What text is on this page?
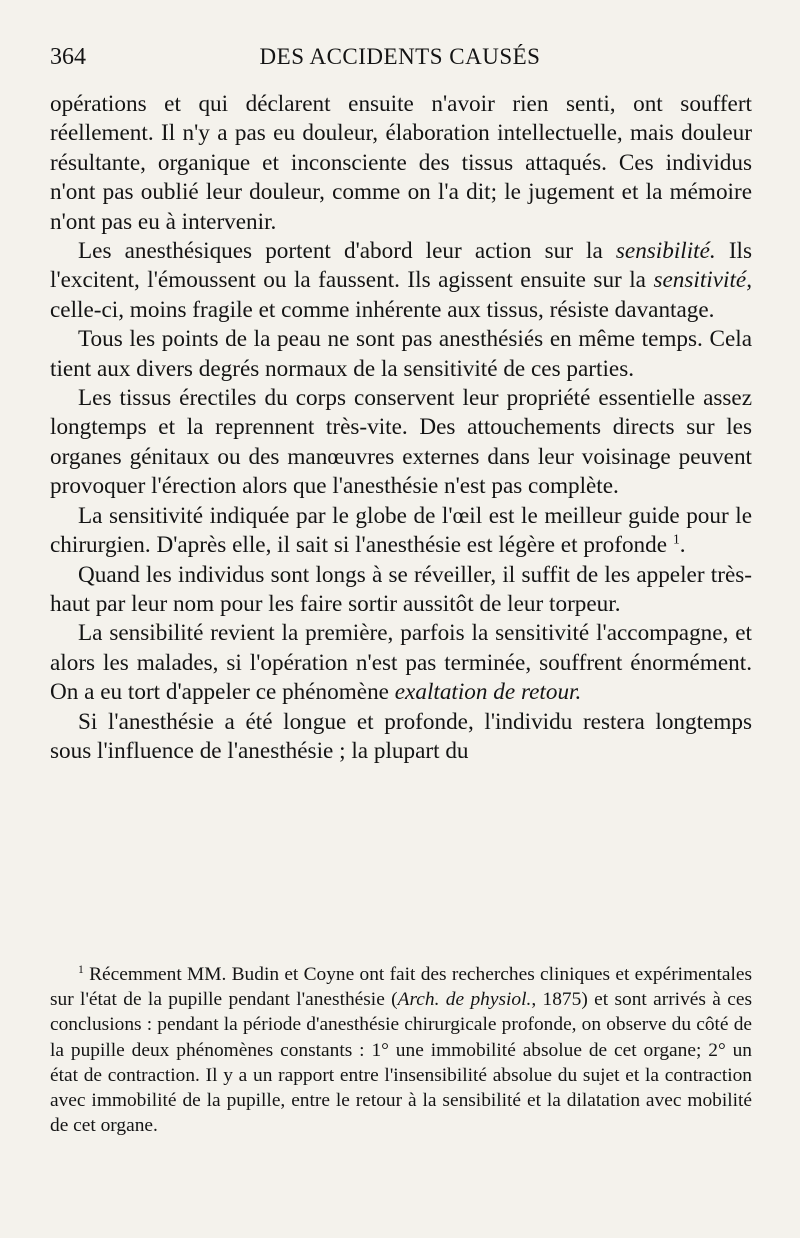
364	DES ACCIDENTS CAUSÉS

opérations et qui déclarent ensuite n'avoir rien senti, ont souffert réellement. Il n'y a pas eu douleur, élaboration intellectuelle, mais douleur résultante, organique et inconsciente des tissus attaqués. Ces individus n'ont pas oublié leur douleur, comme on l'a dit; le jugement et la mémoire n'ont pas eu à intervenir.

Les anesthésiques portent d'abord leur action sur la sensibilité. Ils l'excitent, l'émoussent ou la faussent. Ils agissent ensuite sur la sensitivité, celle-ci, moins fragile et comme inhérente aux tissus, résiste davantage.

Tous les points de la peau ne sont pas anesthésiés en même temps. Cela tient aux divers degrés normaux de la sensitivité de ces parties.

Les tissus érectiles du corps conservent leur propriété essentielle assez longtemps et la reprennent très-vite. Des attouchements directs sur les organes génitaux ou des manœuvres externes dans leur voisinage peuvent provoquer l'érection alors que l'anesthésie n'est pas complète.

La sensitivité indiquée par le globe de l'œil est le meilleur guide pour le chirurgien. D'après elle, il sait si l'anesthésie est légère et profonde $^1$.

Quand les individus sont longs à se réveiller, il suffit de les appeler très-haut par leur nom pour les faire sortir aussitôt de leur torpeur.

La sensibilité revient la première, parfois la sensitivité l'accompagne, et alors les malades, si l'opération n'est pas terminée, souffrent énormément. On a eu tort d'appeler ce phénomène exaltation de retour.

Si l'anesthésie a été longue et profonde, l'individu restera longtemps sous l'influence de l'anesthésie ; la plupart du

$^1$ Récemment MM. Budin et Coyne ont fait des recherches cliniques et expérimentales sur l'état de la pupille pendant l'anesthésie (Arch. de physiol., 1875) et sont arrivés à ces conclusions : pendant la période d'anesthésie chirurgicale profonde, on observe du côté de la pupille deux phénomènes constants : 1° une immobilité absolue de cet organe; 2° un état de contraction. Il y a un rapport entre l'insensibilité absolue du sujet et la contraction avec immobilité de la pupille, entre le retour à la sensibilité et la dilatation avec mobilité de cet organe.
